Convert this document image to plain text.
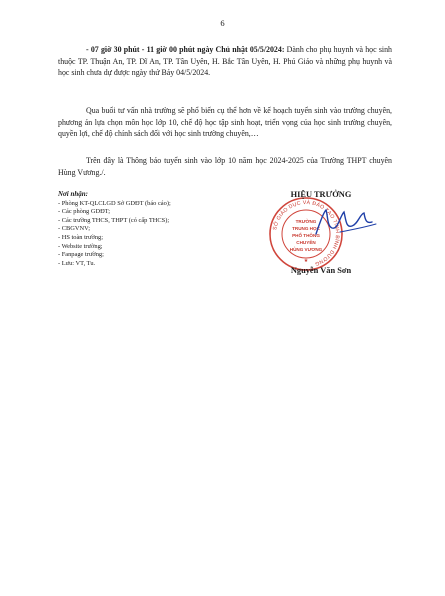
6
- 07 giờ 30 phút - 11 giờ 00 phút ngày Chủ nhật 05/5/2024: Dành cho phụ huynh và học sinh thuộc TP. Thuận An, TP. Dĩ An, TP. Tân Uyên, H. Bắc Tân Uyên, H. Phú Giáo và những phụ huynh và học sinh chưa dự được ngày thứ Bảy 04/5/2024.
Qua buổi tư vấn nhà trường sẽ phổ biến cụ thể hơn về kế hoạch tuyển sinh vào trường chuyên, phương án lựa chọn môn học lớp 10, chế độ học tập sinh hoạt, triển vọng của học sinh trường chuyên, quyền lợi, chế độ chính sách đối với học sinh trường chuyên,…
Trên đây là Thông báo tuyển sinh vào lớp 10 năm học 2024-2025 của Trường THPT chuyên Hùng Vương./.
Nơi nhận:
- Phòng KT-QLCLGD Sở GDĐT (báo cáo);
- Các phòng GDĐT;
- Các trường THCS, THPT (có cấp THCS);
- CBGVNV;
- HS toàn trường;
- Website trường;
- Fanpage trường;
- Lưu: VT, Tu.
SỞ GIÁO DỤC VÀ ĐÀO TẠO TỈNH BÌNH DƯƠNG
TRƯỜNG
TRUNG HỌC
PHỔ THÔNG
CHUYÊN
HÙNG VƯƠNG
★
HIỆU TRƯỞNG
Nguyễn Văn Sơn
